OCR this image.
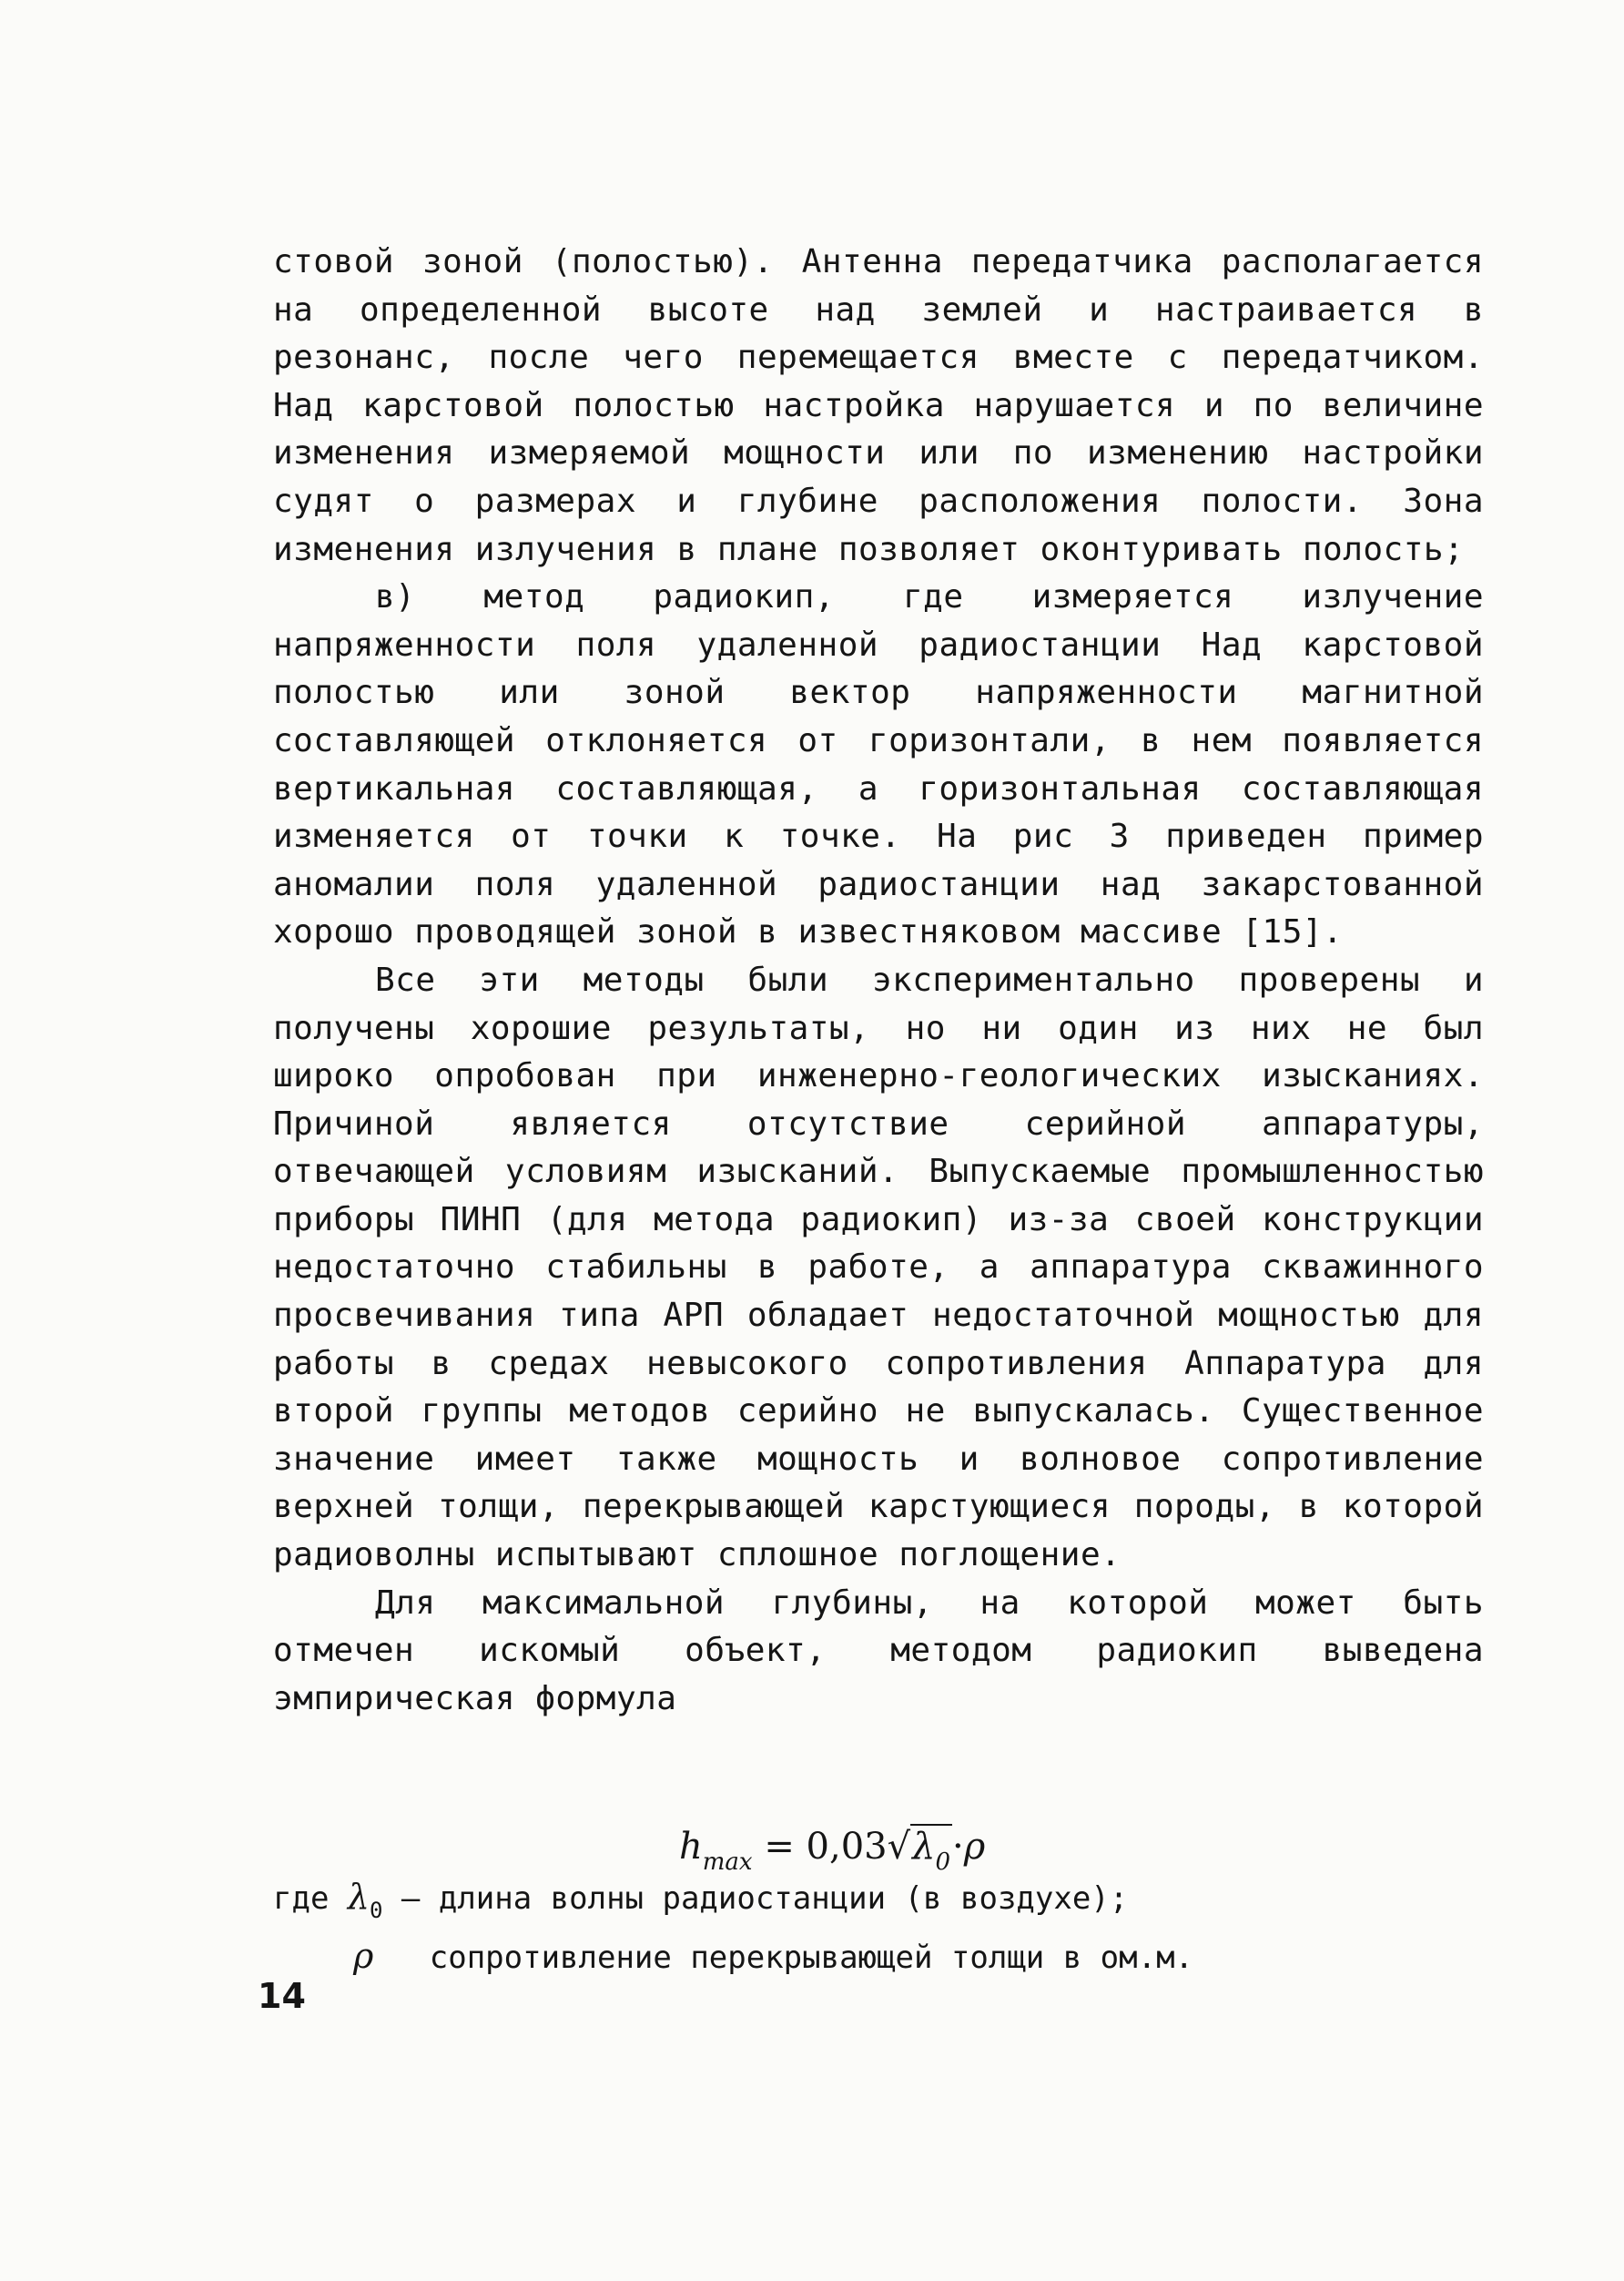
стовой зоной (полостью). Антенна передатчика располагается на определенной высоте над землей и настраивается в резонанс, после чего перемещается вместе с передатчиком. Над карстовой полостью настройка нарушается и по величине изменения измеряемой мощности или по изменению настройки судят о размерах и глубине расположения полости. Зона изменения излучения в плане позволяет оконтуривать полость;

в) метод радиокип, где измеряется излучение напряженности поля удаленной радиостанции Над карстовой полостью или зоной вектор напряженности магнитной составляющей отклоняется от горизонтали, в нем появляется вертикальная составляющая, а горизонтальная составляющая изменяется от точки к точке. На рис 3 приведен пример аномалии поля удаленной радиостанции над закарстованной хорошо проводящей зоной в известняковом массиве [15].

Все эти методы были экспериментально проверены и получены хорошие результаты, но ни один из них не был широко опробован при инженерно-геологических изысканиях. Причиной является отсутствие серийной аппаратуры, отвечающей условиям изысканий. Выпускаемые промышленностью приборы ПИНП (для метода радиокип) из-за своей конструкции недостаточно стабильны в работе, а аппаратура скважинного просвечивания типа АРП обладает недостаточной мощностью для работы в средах невысокого сопротивления Аппаратура для второй группы методов серийно не выпускалась. Существенное значение имеет также мощность и волновое сопротивление верхней толщи, перекрывающей карстующиеся породы, в которой радиоволны испытывают сплошное поглощение.

Для максимальной глубины, на которой может быть отмечен искомый объект, методом радиокип выведена эмпирическая формула

$h_{max} = 0,03√\lambda_0\cdot\rho$

где $\lambda_0$ – длина волны радиостанции (в воздухе);

ρ   сопротивление перекрывающей толщи в ом.м.

14
